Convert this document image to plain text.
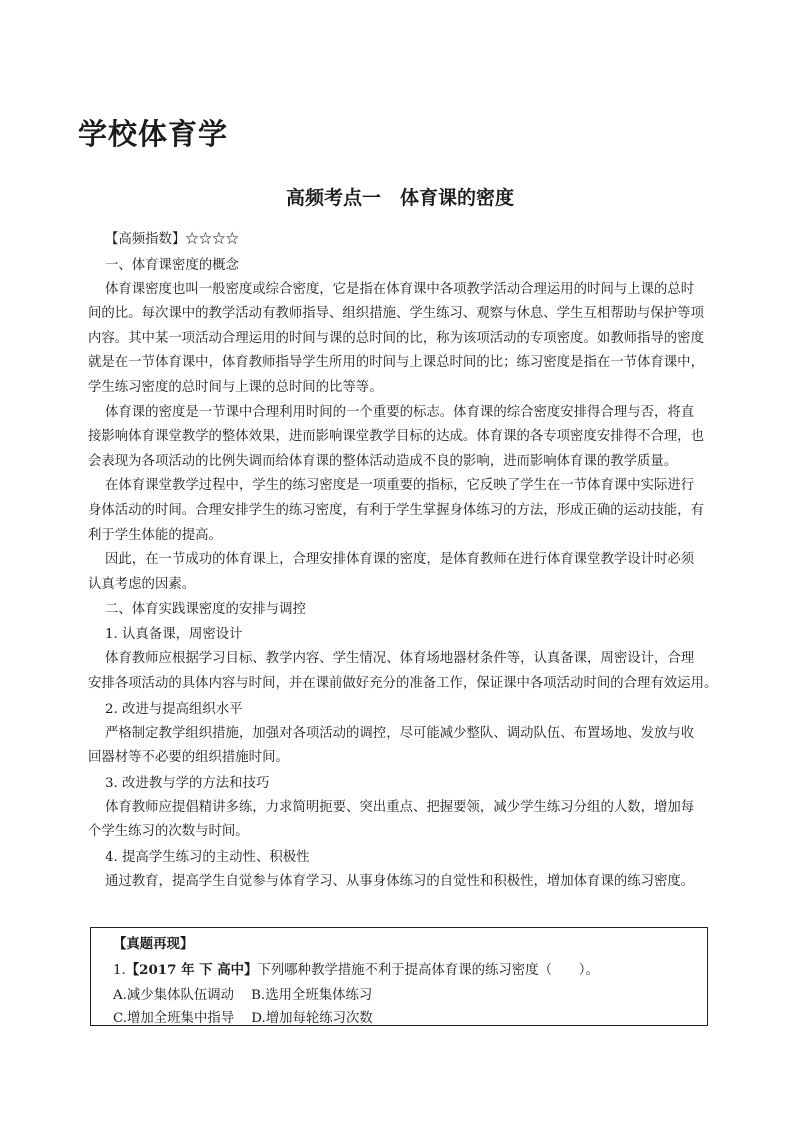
学校体育学
高频考点一　体育课的密度
【高频指数】☆☆☆☆
一、体育课密度的概念
体育课密度也叫一般密度或综合密度，它是指在体育课中各项教学活动合理运用的时间与上课的总时
间的比。每次课中的教学活动有教师指导、组织措施、学生练习、观察与休息、学生互相帮助与保护等项
内容。其中某一项活动合理运用的时间与课的总时间的比，称为该项活动的专项密度。如教师指导的密度
就是在一节体育课中，体育教师指导学生所用的时间与上课总时间的比；练习密度是指在一节体育课中，
学生练习密度的总时间与上课的总时间的比等等。
体育课的密度是一节课中合理利用时间的一个重要的标志。体育课的综合密度安排得合理与否，将直
接影响体育课堂教学的整体效果，进而影响课堂教学目标的达成。体育课的各专项密度安排得不合理，也
会表现为各项活动的比例失调而给体育课的整体活动造成不良的影响，进而影响体育课的教学质量。
在体育课堂教学过程中，学生的练习密度是一项重要的指标，它反映了学生在一节体育课中实际进行
身体活动的时间。合理安排学生的练习密度，有利于学生掌握身体练习的方法，形成正确的运动技能，有
利于学生体能的提高。
因此，在一节成功的体育课上，合理安排体育课的密度，是体育教师在进行体育课堂教学设计时必须
认真考虑的因素。
二、体育实践课密度的安排与调控
1. 认真备课，周密设计
体育教师应根据学习目标、教学内容、学生情况、体育场地器材条件等，认真备课，周密设计，合理
安排各项活动的具体内容与时间，并在课前做好充分的准备工作，保证课中各项活动时间的合理有效运用。
2. 改进与提高组织水平
严格制定教学组织措施，加强对各项活动的调控，尽可能减少整队、调动队伍、布置场地、发放与收
回器材等不必要的组织措施时间。
3. 改进教与学的方法和技巧
体育教师应提倡精讲多练，力求简明扼要、突出重点、把握要领，减少学生练习分组的人数，增加每
个学生练习的次数与时间。
4. 提高学生练习的主动性、积极性
通过教育，提高学生自觉参与体育学习、从事身体练习的自觉性和积极性，增加体育课的练习密度。
【真题再现】
1.【2017 年 下 高中】下列哪种教学措施不利于提高体育课的练习密度（　　）。
A.减少集体队伍调动 B.选用全班集体练习
C.增加全班集中指导 D.增加每轮练习次数
